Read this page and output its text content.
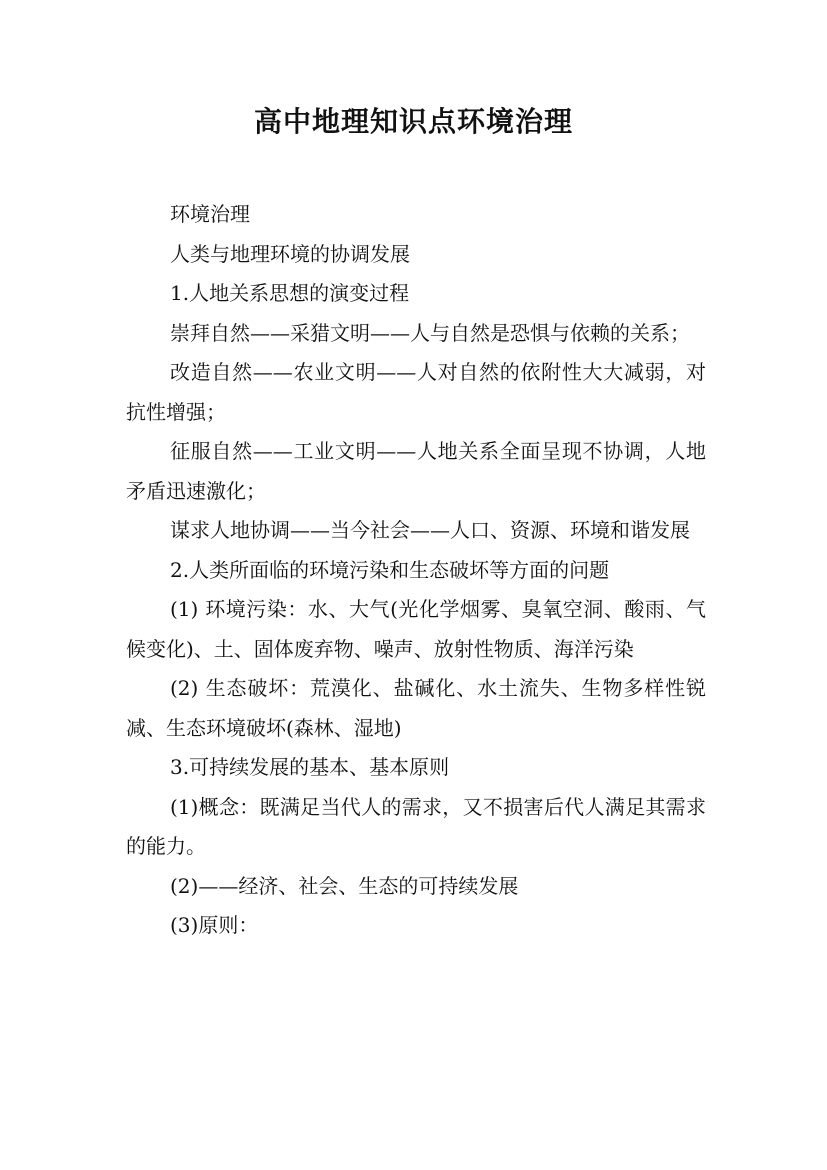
高中地理知识点环境治理

环境治理

人类与地理环境的协调发展

1.人地关系思想的演变过程

崇拜自然——采猎文明——人与自然是恐惧与依赖的关系；

改造自然——农业文明——人对自然的依附性大大减弱，对抗性增强；

征服自然——工业文明——人地关系全面呈现不协调，人地矛盾迅速激化；

谋求人地协调——当今社会——人口、资源、环境和谐发展

2.人类所面临的环境污染和生态破坏等方面的问题

(1) 环境污染：水、大气(光化学烟雾、臭氧空洞、酸雨、气候变化)、土、固体废弃物、噪声、放射性物质、海洋污染

(2) 生态破坏：荒漠化、盐碱化、水土流失、生物多样性锐减、生态环境破坏(森林、湿地)

3.可持续发展的基本、基本原则

(1)概念：既满足当代人的需求，又不损害后代人满足其需求的能力。

(2)——经济、社会、生态的可持续发展

(3)原则：
